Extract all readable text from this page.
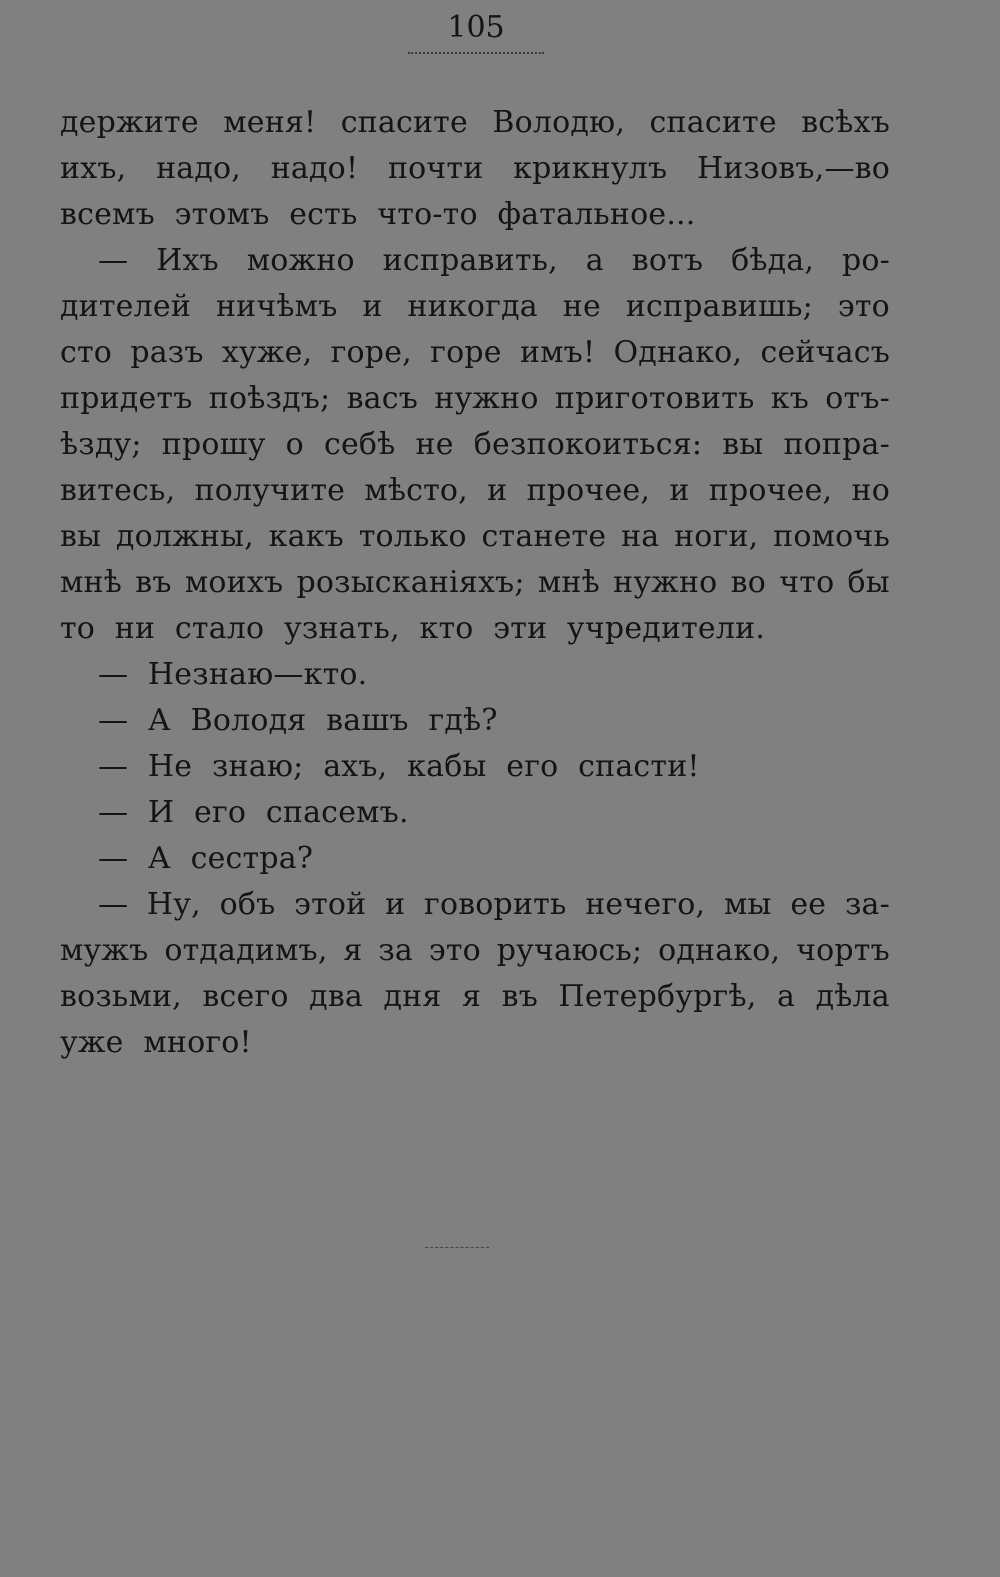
105
держите меня! спасите Володю, спасите всѣхъ
ихъ, надо, надо! почти крикнулъ Низовъ,—во
всемъ этомъ есть что-то фатальное...
— Ихъ можно исправить, а вотъ бѣда, ро-
дителей ничѣмъ и никогда не исправишь; это
сто разъ хуже, горе, горе имъ! Однако, сейчасъ
придетъ поѣздъ; васъ нужно приготовить къ отъ-
ѣзду; прошу о себѣ не безпокоиться: вы попра-
витесь, получите мѣсто, и прочее, и прочее, но
вы должны, какъ только станете на ноги, помочь
мнѣ въ моихъ розысканіяхъ; мнѣ нужно во что бы
то ни стало узнать, кто эти учредители.
— Незнаю—кто.
— А Володя вашъ гдѣ?
— Не знаю; ахъ, кабы его спасти!
— И его спасемъ.
— А сестра?
— Ну, объ этой и говорить нечего, мы ее за-
мужъ отдадимъ, я за это ручаюсь; однако, чортъ
возьми, всего два дня я въ Петербургѣ, а дѣла
уже много!
